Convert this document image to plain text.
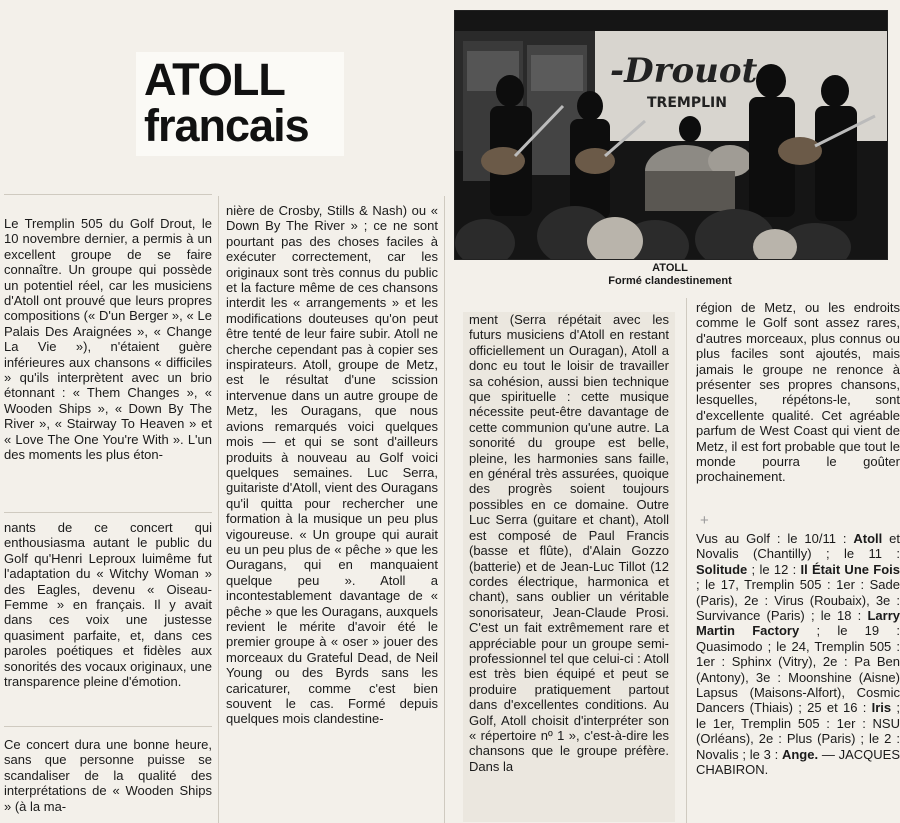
ATOLL
francais
-Drouot
TREMPLIN
ATOLL
Formé clandestinement

Le Tremplin 505 du Golf Drout, le 10 novembre dernier, a permis à un excellent groupe de se faire connaître. Un groupe qui possède un potentiel réel, car les musiciens d'Atoll ont prouvé que leurs propres compositions (« D'un Berger », « Le Palais Des Araignées », « Change La Vie »), n'étaient guère inférieures aux chansons « difficiles » qu'ils interprètent avec un brio étonnant : « Them Changes », « Wooden Ships », « Down By The River », « Stairway To Heaven » et « Love The One You're With ». L'un des moments les plus éton-

nants de ce concert qui enthousiasma autant le public du Golf qu'Henri Leproux luimême fut l'adaptation du « Witchy Woman » des Eagles, devenu « Oiseau-Femme » en français. Il y avait dans ces voix une justesse quasiment parfaite, et, dans ces paroles poétiques et fidèles aux sonorités des vocaux originaux, une transparence pleine d'émotion.

Ce concert dura une bonne heure, sans que personne puisse se scandaliser de la qualité des interprétations de « Wooden Ships » (à la ma-

nière de Crosby, Stills & Nash) ou « Down By The River » ; ce ne sont pourtant pas des choses faciles à exécuter correctement, car les originaux sont très connus du public et la facture même de ces chansons interdit les « arrangements » et les modifications douteuses qu'on peut être tenté de leur faire subir. Atoll ne cherche cependant pas à copier ses inspirateurs. Atoll, groupe de Metz, est le résultat d'une scission intervenue dans un autre groupe de Metz, les Ouragans, que nous avions remarqués voici quelques mois — et qui se sont d'ailleurs produits à nouveau au Golf voici quelques semaines. Luc Serra, guitariste d'Atoll, vient des Ouragans qu'il quitta pour rechercher une formation à la musique un peu plus vigoureuse. « Un groupe qui aurait eu un peu plus de « pêche » que les Ouragans, qui en manquaient quelque peu ». Atoll a incontestablement davantage de « pêche » que les Ouragans, auxquels revient le mérite d'avoir été le premier groupe à « oser » jouer des morceaux du Grateful Dead, de Neil Young ou des Byrds sans les caricaturer, comme c'est bien souvent le cas. Formé depuis quelques mois clandestine-

ment (Serra répétait avec les futurs musiciens d'Atoll en restant officiellement un Ouragan), Atoll a donc eu tout le loisir de travailler sa cohésion, aussi bien technique que spirituelle : cette musique nécessite peut-être davantage de cette communion qu'une autre. La sonorité du groupe est belle, pleine, les harmonies sans faille, en général très assurées, quoique des progrès soient toujours possibles en ce domaine. Outre Luc Serra (guitare et chant), Atoll est composé de Paul Francis (basse et flûte), d'Alain Gozzo (batterie) et de Jean-Luc Tillot (12 cordes électrique, harmonica et chant), sans oublier un véritable sonorisateur, Jean-Claude Prosi. C'est un fait extrêmement rare et appréciable pour un groupe semi-professionnel tel que celui-ci : Atoll est très bien équipé et peut se produire pratiquement partout dans d'excellentes conditions. Au Golf, Atoll choisit d'interpréter son « répertoire nº 1 », c'est-à-dire les chansons que le groupe préfère. Dans la

région de Metz, ou les endroits comme le Golf sont assez rares, d'autres morceaux, plus connus ou plus faciles sont ajoutés, mais jamais le groupe ne renonce à présenter ses propres chansons, lesquelles, répétons-le, sont d'excellente qualité. Cet agréable parfum de West Coast qui vient de Metz, il est fort probable que tout le monde pourra le goûter prochainement.

+

Vus au Golf : le 10/11 : Atoll et Novalis (Chantilly) ; le 11 : Solitude ; le 12 : Il Était Une Fois ; le 17, Tremplin 505 : 1er : Sade (Paris), 2e : Virus (Roubaix), 3e : Survivance (Paris) ; le 18 : Larry Martin Factory ; le 19 : Quasimodo ; le 24, Tremplin 505 : 1er : Sphinx (Vitry), 2e : Pa Ben (Antony), 3e : Moonshine (Aisne) Lapsus (Maisons-Alfort), Cosmic Dancers (Thiais) ; 25 et 16 : Iris ; le 1er, Tremplin 505 : 1er : NSU (Orléans), 2e : Plus (Paris) ; le 2 : Novalis ; le 3 : Ange. — JACQUES CHABIRON.
